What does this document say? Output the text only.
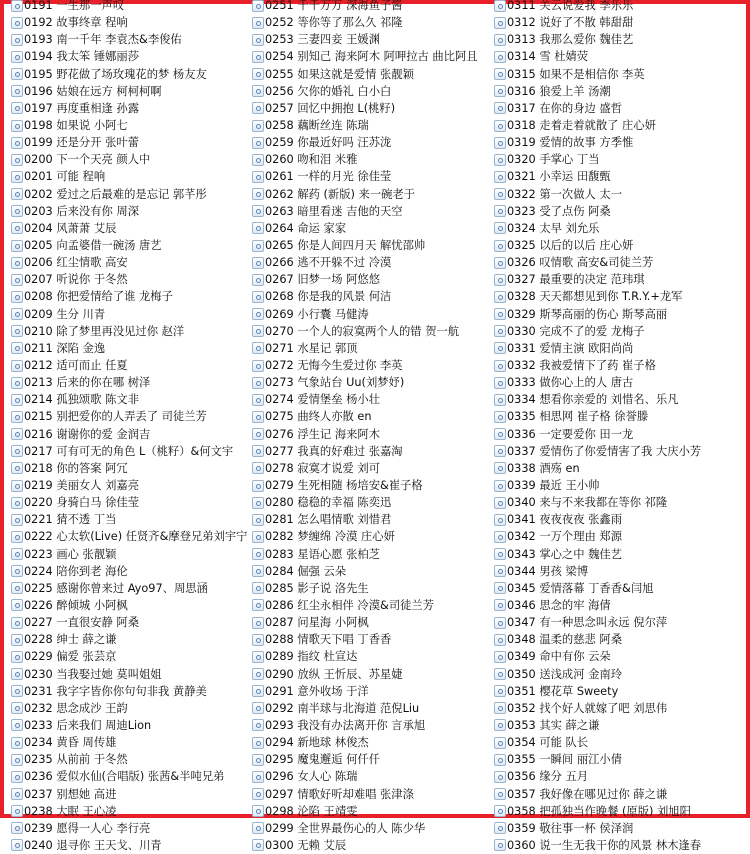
0191 一生那一声叹
0192 故事终章 程响
0193 南一千年 李袁杰&李俊佑
0194 我太笨 锤娜丽莎
0195 野花做了场玫瑰花的梦 杨友友
0196 姑娘在远方 柯柯柯啊
0197 再度重相逢 孙露
0198 如果说 小阿七
0199 还是分开 张叶蕾
0200 下一个天亮 颜人中
0201 可能 程响
0202 爱过之后最难的是忘记 郭芊彤
0203 后来没有你 周深
0204 风萧萧 艾辰
0205 向孟婆借一碗汤 唐艺
0206 红尘情歌 高安
0207 听说你 于冬然
0208 你把爱情给了谁 龙梅子
0209 生分 川青
0210 除了梦里再没见过你 赵洋
0211 深陷 金逸
0212 适可而止 任夏
0213 后来的你在哪 树泽
0214 孤独颂歌 陈文非
0215 别把爱你的人弄丢了 司徒兰芳
0216 谢谢你的爱 金润吉
0217 可有可无的角色 L（桃籽）&何文宇
0218 你的答案 阿冗
0219 美丽女人 刘嘉亮
0220 身骑白马 徐佳莹
0221 猜不透 丁当
0222 心太软(Live) 任贤齐&摩登兄弟刘宇宁
0223 画心 张靓颖
0224 陪你到老 海伦
0225 感谢你曾来过 Ayo97、周思涵
0226 醉倾城 小阿枫
0227 一直很安静 阿桑
0228 绅士 薛之谦
0229 偏爱 张芸京
0230 当我娶过她 莫叫姐姐
0231 我字字皆你你句句非我 黄静美
0232 思念成沙 王韵
0233 后来我们 周迪Lion
0234 黄昏 周传雄
0235 从前前 于冬然
0236 爱似水仙(合唱版) 张茜&半吨兄弟
0237 别想她 高进
0238 大眠 王心凌
0239 愿得一人心 李行亮
0240 退寻你 王天戈、川青
0251 千千万万 深海鱼子酱
0252 等你等了那么久 祁隆
0253 三妻四妾 王媛渊
0254 别知己 海来阿木 阿呷拉古 曲比阿且
0255 如果这就是爱情 张靓颖
0256 欠你的婚礼 白小白
0257 回忆中拥抱 L(桃籽)
0258 藕断丝连 陈瑞
0259 你最近好吗 汪苏泷
0260 吻和泪 米雅
0261 一样的月光 徐佳莹
0262 解药 (新版) 来一碗老于
0263 暗里看迷 吉他的天空
0264 命运 家家
0265 你是人间四月天 解忧邵帅
0266 逃不开躲不过 冷漠
0267 旧梦一场 阿悠悠
0268 你是我的风景 何洁
0269 小行囊 马健涛
0270 一个人的寂寞两个人的错 贺一航
0271 水星记 郭顶
0272 无悔今生爱过你 李英
0273 气象站台 Uu(刘梦妤)
0274 爱情堡垒 杨小壮
0275 曲终人亦散 en
0276 浮生记 海来阿木
0277 我真的好难过 张嘉淘
0278 寂寞才说爱 刘可
0279 生死相随 杨培安&崔子格
0280 稳稳的幸福 陈奕迅
0281 怎么唱情歌 刘惜君
0282 梦缠绵 冷漠 庄心妍
0283 星语心愿 张柏芝
0284 倔强 云朵
0285 影子说 洛先生
0286 红尘永相伴 冷漠&司徒兰芳
0287 问星海 小阿枫
0288 情歌天下唱 丁香香
0289 指纹 杜宣达
0290 放纵 王忻辰、苏星婕
0291 意外收场 于洋
0292 南半球与北海道 范倪Liu
0293 我没有办法离开你 言承旭
0294 新地球 林俊杰
0295 魔鬼邂逅 何仟仟
0296 女人心 陈瑞
0297 情歌好听却难唱 张津涤
0298 沦陷 王靖雯
0299 全世界最伤心的人 陈少华
0300 无赖 艾辰
0311 关云说爱我 李乐乐
0312 说好了不散 韩甜甜
0313 我那么爱你 魏佳艺
0314 雪 杜婧荧
0315 如果不是相信你 李英
0316 狼爱上羊 汤潮
0317 在你的身边 盛哲
0318 走着走着就散了 庄心妍
0319 爱情的故事 方季惟
0320 手掌心 丁当
0321 小幸运 田馥甄
0322 第一次做人 太一
0323 受了点伤 阿桑
0324 太早 刘允乐
0325 以后的以后 庄心妍
0326 叹情歌 高安&司徒兰芳
0327 最重要的决定 范玮琪
0328 天天都想见到你 T.R.Y.+龙军
0329 斯琴高丽的伤心 斯琴高丽
0330 完成不了的爱 龙梅子
0331 爱情主演 欧阳尚尚
0332 我被爱情下了药 崔子格
0333 做你心上的人 唐古
0334 想看你亲爱的 刘惜名、乐凡
0335 相思网 崔子格 徐誉滕
0336 一定要爱你 田一龙
0337 爱情伤了你爱情害了我 大庆小芳
0338 酒殇 en
0339 最近 王小帅
0340 来与不来我都在等你 祁隆
0341 夜夜夜夜 张鑫雨
0342 一万个理由 郑源
0343 掌心之中 魏佳艺
0344 男孩 梁博
0345 爱情落幕 丁香香&闫旭
0346 思念的牢 海倩
0347 有一种思念叫永远 倪尔萍
0348 温柔的慈悲 阿桑
0349 命中有你 云朵
0350 送浅成河 金南玲
0351 樱花草 Sweety
0352 找个好人就嫁了吧 刘思伟
0353 其实 薛之谦
0354 可能 队长
0355 一瞬间 丽江小倩
0356 缘分 五月
0357 我好像在哪见过你 薛之谦
0358 把孤独当作晚餐 (原版) 刘旭阳
0359 敬往事一杯 侯泽润
0360 说一生无我干你的风景 林木逢春
